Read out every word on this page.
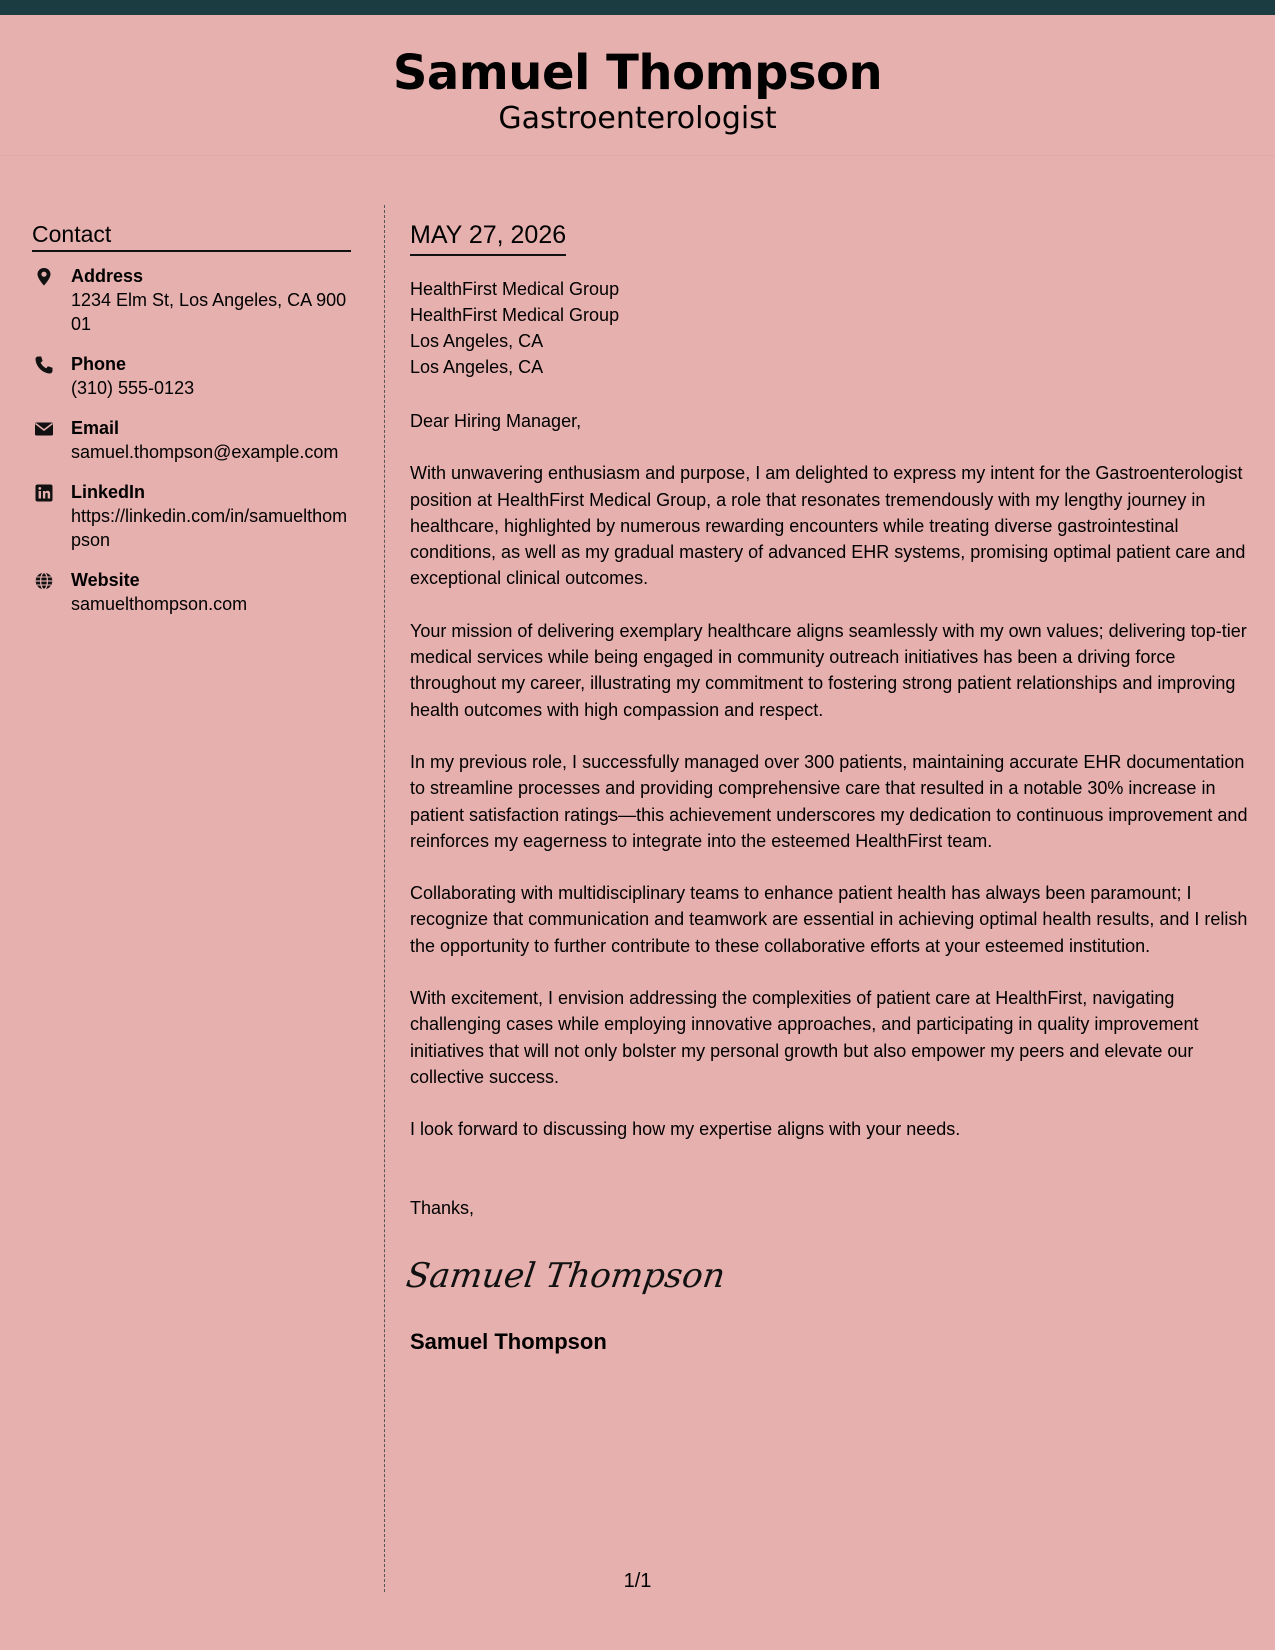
Samuel Thompson
Gastroenterologist
Contact
Address
1234 Elm St, Los Angeles, CA 90001
Phone
(310) 555-0123
Email
samuel.thompson@example.com
LinkedIn
https://linkedin.com/in/samuelthompson
Website
samuelthompson.com
MAY 27, 2026
HealthFirst Medical Group
HealthFirst Medical Group
Los Angeles, CA
Los Angeles, CA
Dear Hiring Manager,

With unwavering enthusiasm and purpose, I am delighted to express my intent for the Gastroenterologist position at HealthFirst Medical Group, a role that resonates tremendously with my lengthy journey in healthcare, highlighted by numerous rewarding encounters while treating diverse gastrointestinal conditions, as well as my gradual mastery of advanced EHR systems, promising optimal patient care and exceptional clinical outcomes.

Your mission of delivering exemplary healthcare aligns seamlessly with my own values; delivering top-tier medical services while being engaged in community outreach initiatives has been a driving force throughout my career, illustrating my commitment to fostering strong patient relationships and improving health outcomes with high compassion and respect.

In my previous role, I successfully managed over 300 patients, maintaining accurate EHR documentation to streamline processes and providing comprehensive care that resulted in a notable 30% increase in patient satisfaction ratings—this achievement underscores my dedication to continuous improvement and reinforces my eagerness to integrate into the esteemed HealthFirst team.

Collaborating with multidisciplinary teams to enhance patient health has always been paramount; I recognize that communication and teamwork are essential in achieving optimal health results, and I relish the opportunity to further contribute to these collaborative efforts at your esteemed institution.

With excitement, I envision addressing the complexities of patient care at HealthFirst, navigating challenging cases while employing innovative approaches, and participating in quality improvement initiatives that will not only bolster my personal growth but also empower my peers and elevate our collective success.

I look forward to discussing how my expertise aligns with your needs.

Thanks,
Samuel Thompson
Samuel Thompson
1/1
